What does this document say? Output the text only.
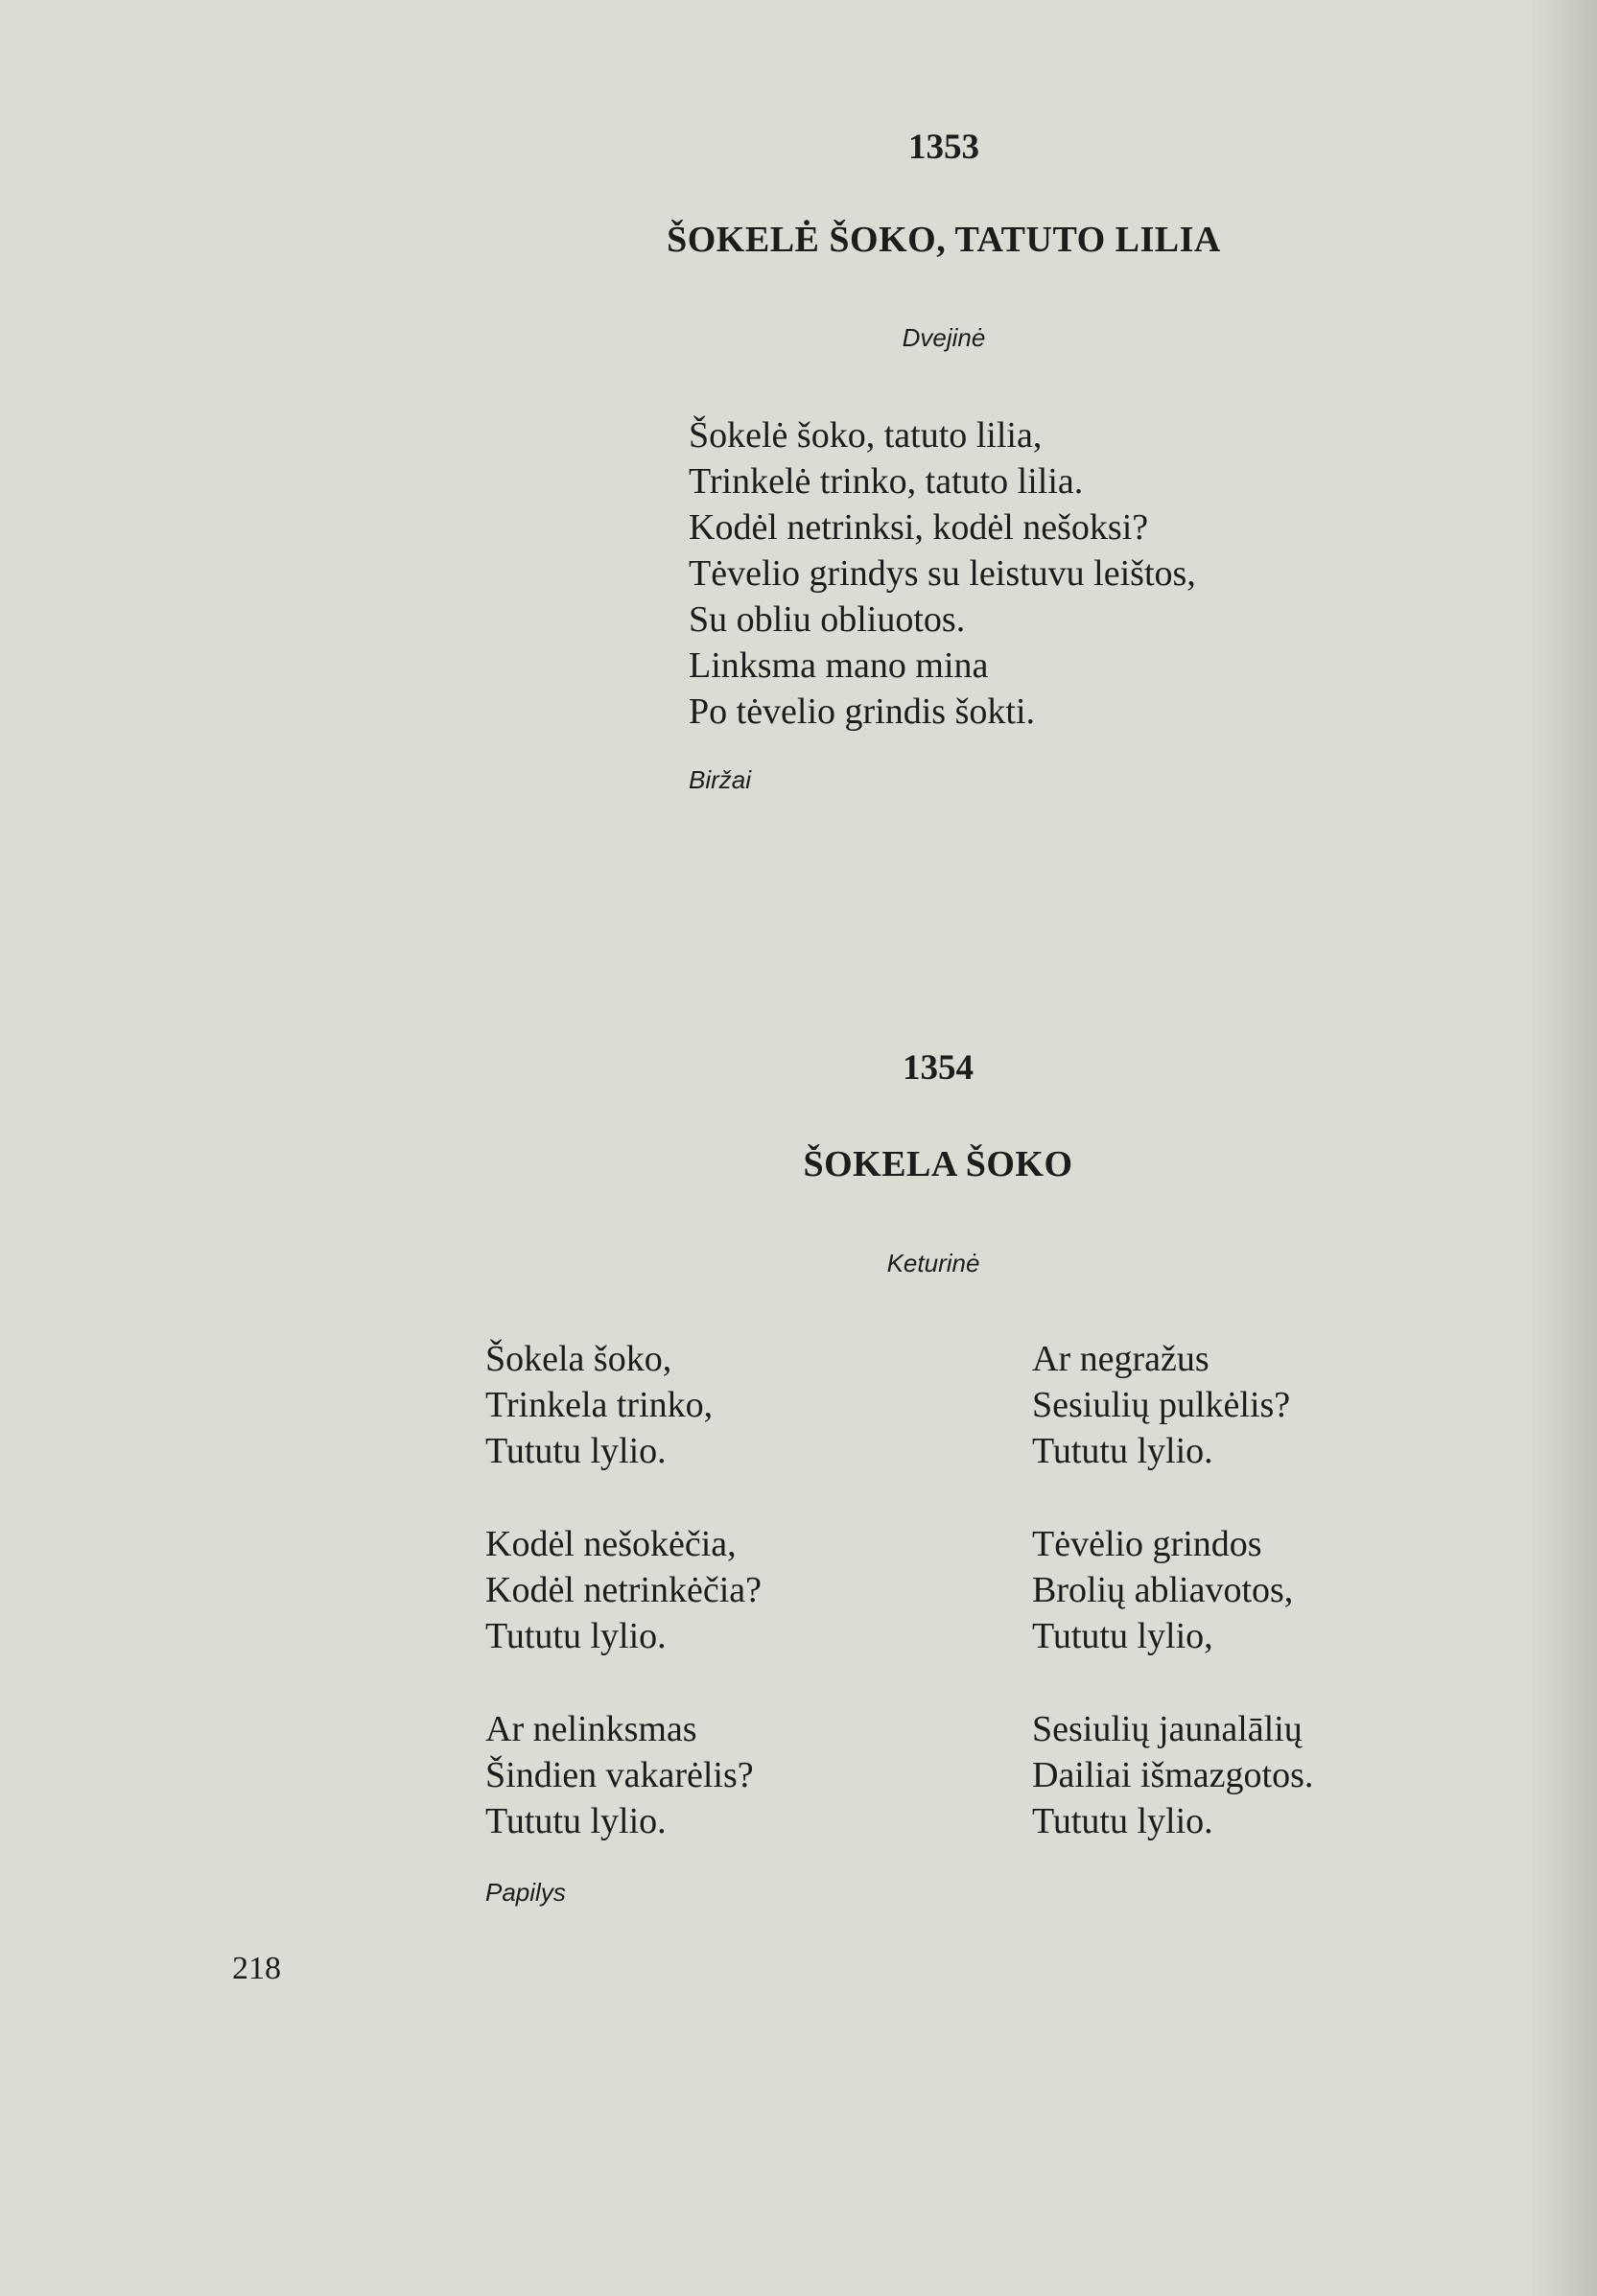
1353
ŠOKELĖ ŠOKO, TATUTO LILIA
Dvejinė
Šokelė šoko, tatuto lilia,
Trinkelė trinko, tatuto lilia.
Kodėl netrinksi, kodėl nešoksi?
Tėvelio grindys su leistuvu leištos,
Su obliu obliuotos.
Linksma mano mina
Po tėvelio grindis šokti.
Biržai
1354
ŠOKELA ŠOKO
Keturinė
Šokela šoko,
Trinkela trinko,
Tututu lylio.
Kodėl nešokėčia,
Kodėl netrinkėčia?
Tututu lylio.
Ar nelinksmas
Šindien vakarėlis?
Tututu lylio.
Ar negražus
Sesiulių pulkėlis?
Tututu lylio.
Tėvėlio grindos
Brolių abliavotos,
Tututu lylio,
Sesiulių jaunalālių
Dailiai išmazgotos.
Tututu lylio.
Papilys
218
